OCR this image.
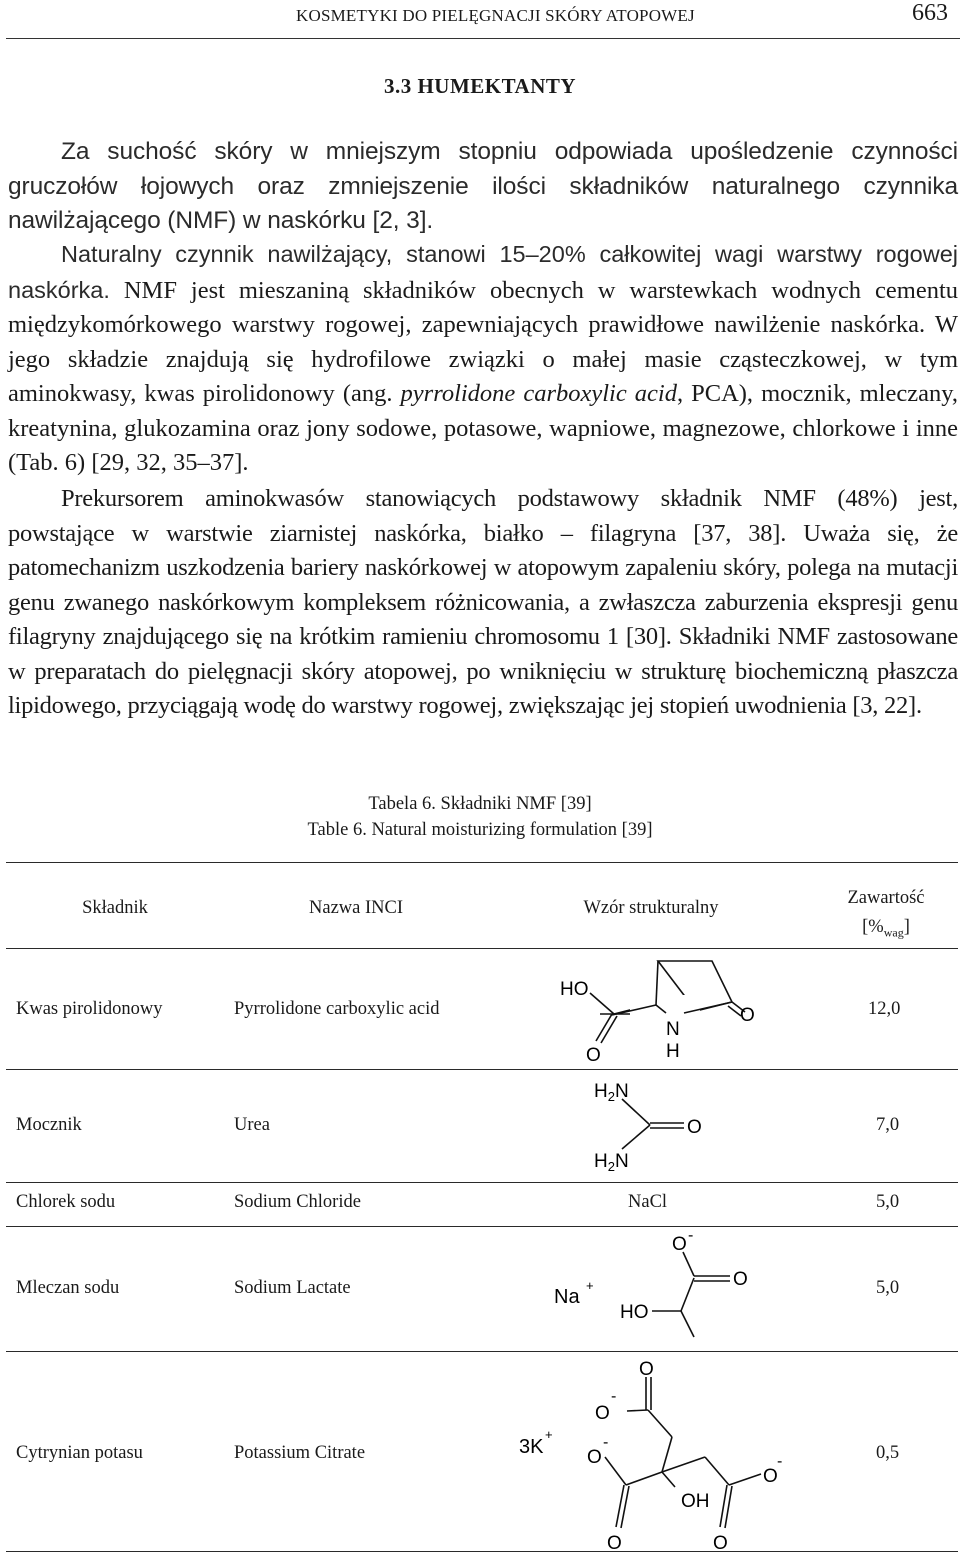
KOSMETYKI DO PIELĘGNACJI SKÓRY ATOPOWEJ	663
3.3 HUMEKTANTY

Za suchość skóry w mniejszym stopniu odpowiada upośledzenie czynności gruczołów łojowych oraz zmniejszenie ilości składników naturalnego czynnika nawilżającego (NMF) w naskórku [2, 3].

Naturalny czynnik nawilżający, stanowi 15–20% całkowitej wagi warstwy rogowej naskórka. NMF jest mieszaniną składników obecnych w warstewkach wodnych cementu międzykomórkowego warstwy rogowej, zapewniających prawidłowe nawilżenie naskórka. W jego składzie znajdują się hydrofilowe związki o małej masie cząsteczkowej, w tym aminokwasy, kwas pirolidonowy (ang. pyrrolidone carboxylic acid, PCA), mocznik, mleczany, kreatynina, glukozamina oraz jony sodowe, potasowe, wapniowe, magnezowe, chlorkowe i inne (Tab. 6) [29, 32, 35–37].

Prekursorem aminokwasów stanowiących podstawowy składnik NMF (48%) jest, powstające w warstwie ziarnistej naskórka, białko – filagryna [37, 38]. Uważa się, że patomechanizm uszkodzenia bariery naskórkowej w atopowym zapaleniu skóry, polega na mutacji genu zwanego naskórkowym kompleksem różnicowania, a zwłaszcza zaburzenia ekspresji genu filagryny znajdującego się na krótkim ramieniu chromosomu 1 [30]. Składniki NMF zastosowane w preparatach do pielęgnacji skóry atopowej, po wniknięciu w strukturę biochemiczną płaszcza lipidowego, przyciągają wodę do warstwy rogowej, zwiększając jej stopień uwodnienia [3, 22].

Tabela 6. Składniki NMF [39]
Table 6. Natural moisturizing formulation [39]
Składnik	Nazwa INCI	Wzór strukturalny	Zawartość
$[\%_{wag}]$
Kwas pirolidonowy	Pyrrolidone carboxylic acid	12,0
Mocznik	Urea	7,0
Chlorek sodu	Sodium Chloride	NaCl	5,0
Mleczan sodu	Sodium Lactate	5,0
Cytrynian potasu	Potassium Citrate	0,5
HO
O
N
H
O
$H_2N$
O
$H_2N$
Na
+
O -
O
HO
3K
+
O
O
-
O
-
OH
O
-
O	O
